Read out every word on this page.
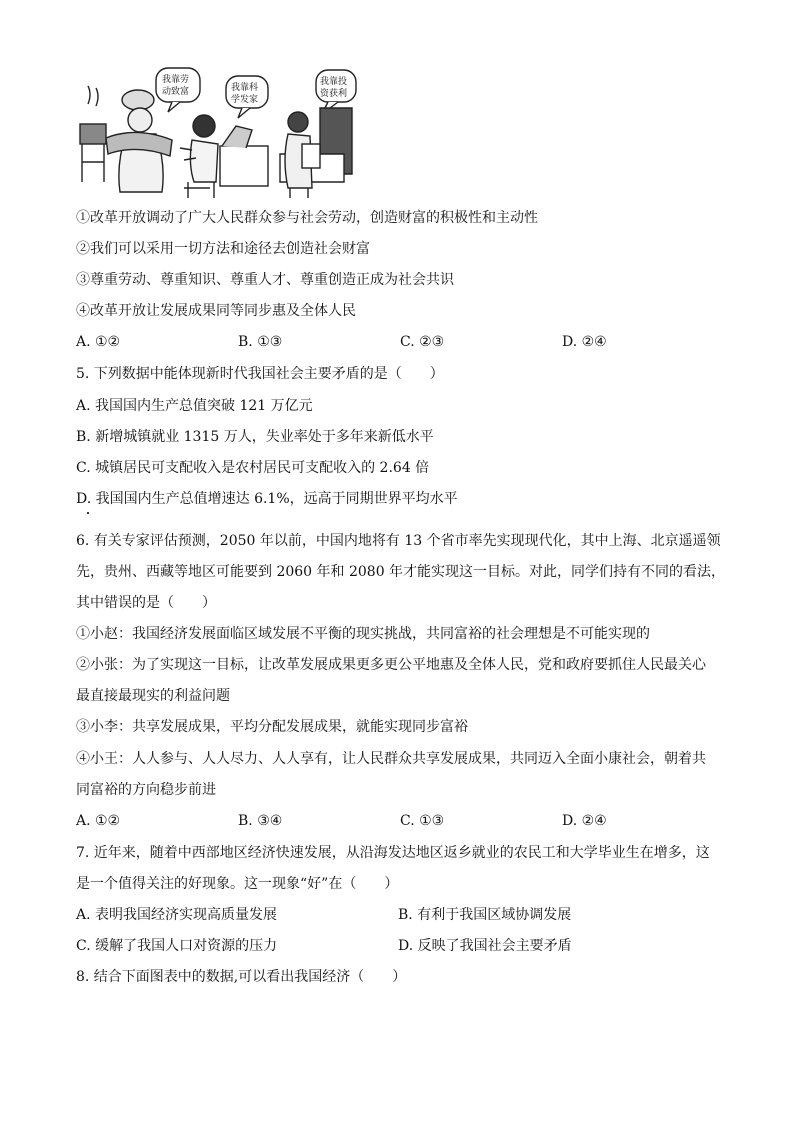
我靠劳
动致富	我靠科
学发家
我靠投
资获利
①改革开放调动了广大人民群众参与社会劳动，创造财富的积极性和主动性
②我们可以采用一切方法和途径去创造社会财富
③尊重劳动、尊重知识、尊重人才、尊重创造正成为社会共识
④改革开放让发展成果同等同步惠及全体人民
A. ①②	B. ①③	C. ②③	D. ②④
5. 下列数据中能体现新时代我国社会主要矛盾的是（　　）
A. 我国国内生产总值突破 121 万亿元
B. 新增城镇就业 1315 万人，失业率处于多年来新低水平
C. 城镇居民可支配收入是农村居民可支配收入的 2.64 倍
D. 我国国内生产总值增速达 6.1%，远高于同期世界平均水平
6. 有关专家评估预测，2050 年以前，中国内地将有 13 个省市率先实现现代化，其中上海、北京遥遥领
先，贵州、西藏等地区可能要到 2060 年和 2080 年才能实现这一目标。对此，同学们持有不同的看法，
其中错误的是（　　）
①小赵：我国经济发展面临区域发展不平衡的现实挑战，共同富裕的社会理想是不可能实现的
②小张：为了实现这一目标，让改革发展成果更多更公平地惠及全体人民，党和政府要抓住人民最关心
最直接最现实的利益问题
③小李：共享发展成果，平均分配发展成果，就能实现同步富裕
④小王：人人参与、人人尽力、人人享有，让人民群众共享发展成果，共同迈入全面小康社会，朝着共
同富裕的方向稳步前进
A. ①②	B. ③④	C. ①③	D. ②④
7. 近年来，随着中西部地区经济快速发展，从沿海发达地区返乡就业的农民工和大学毕业生在增多，这
是一个值得关注的好现象。这一现象“好”在（　　）
A. 表明我国经济实现高质量发展	B. 有利于我国区域协调发展
C. 缓解了我国人口对资源的压力	D. 反映了我国社会主要矛盾
8. 结合下面图表中的数据,可以看出我国经济（　　）
